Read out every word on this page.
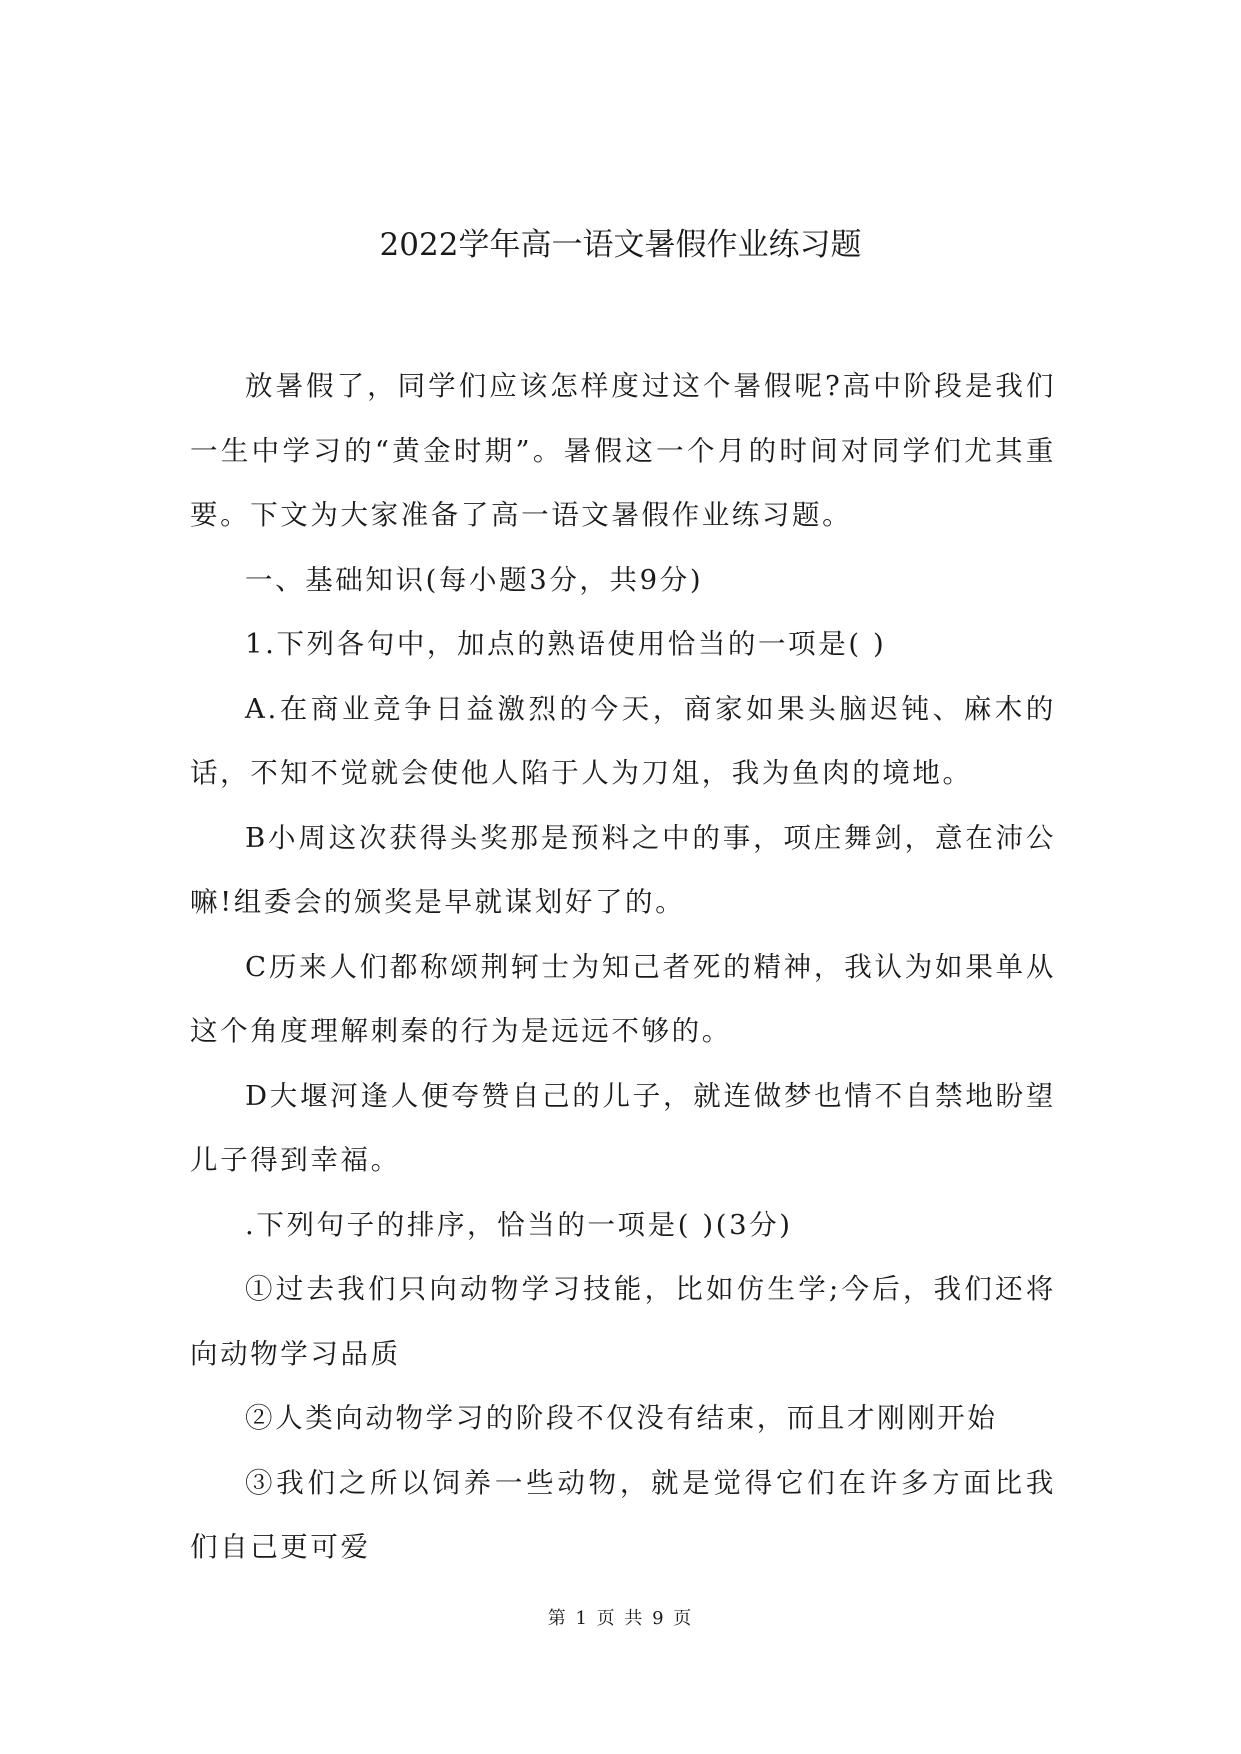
2022学年高一语文暑假作业练习题

放暑假了，同学们应该怎样度过这个暑假呢?高中阶段是我们一生中学习的“黄金时期”。暑假这一个月的时间对同学们尤其重要。下文为大家准备了高一语文暑假作业练习题。

一、基础知识(每小题3分，共9分)

1.下列各句中，加点的熟语使用恰当的一项是( )

A.在商业竞争日益激烈的今天，商家如果头脑迟钝、麻木的话，不知不觉就会使他人陷于人为刀俎，我为鱼肉的境地。

B小周这次获得头奖那是预料之中的事，项庄舞剑，意在沛公嘛!组委会的颁奖是早就谋划好了的。

C历来人们都称颂荆轲士为知己者死的精神，我认为如果单从这个角度理解刺秦的行为是远远不够的。

D大堰河逢人便夸赞自己的儿子，就连做梦也情不自禁地盼望儿子得到幸福。

.下列句子的排序，恰当的一项是( )(3分)

①过去我们只向动物学习技能，比如仿生学;今后，我们还将向动物学习品质

②人类向动物学习的阶段不仅没有结束，而且才刚刚开始

③我们之所以饲养一些动物，就是觉得它们在许多方面比我们自己更可爱

第 1 页 共 9 页
